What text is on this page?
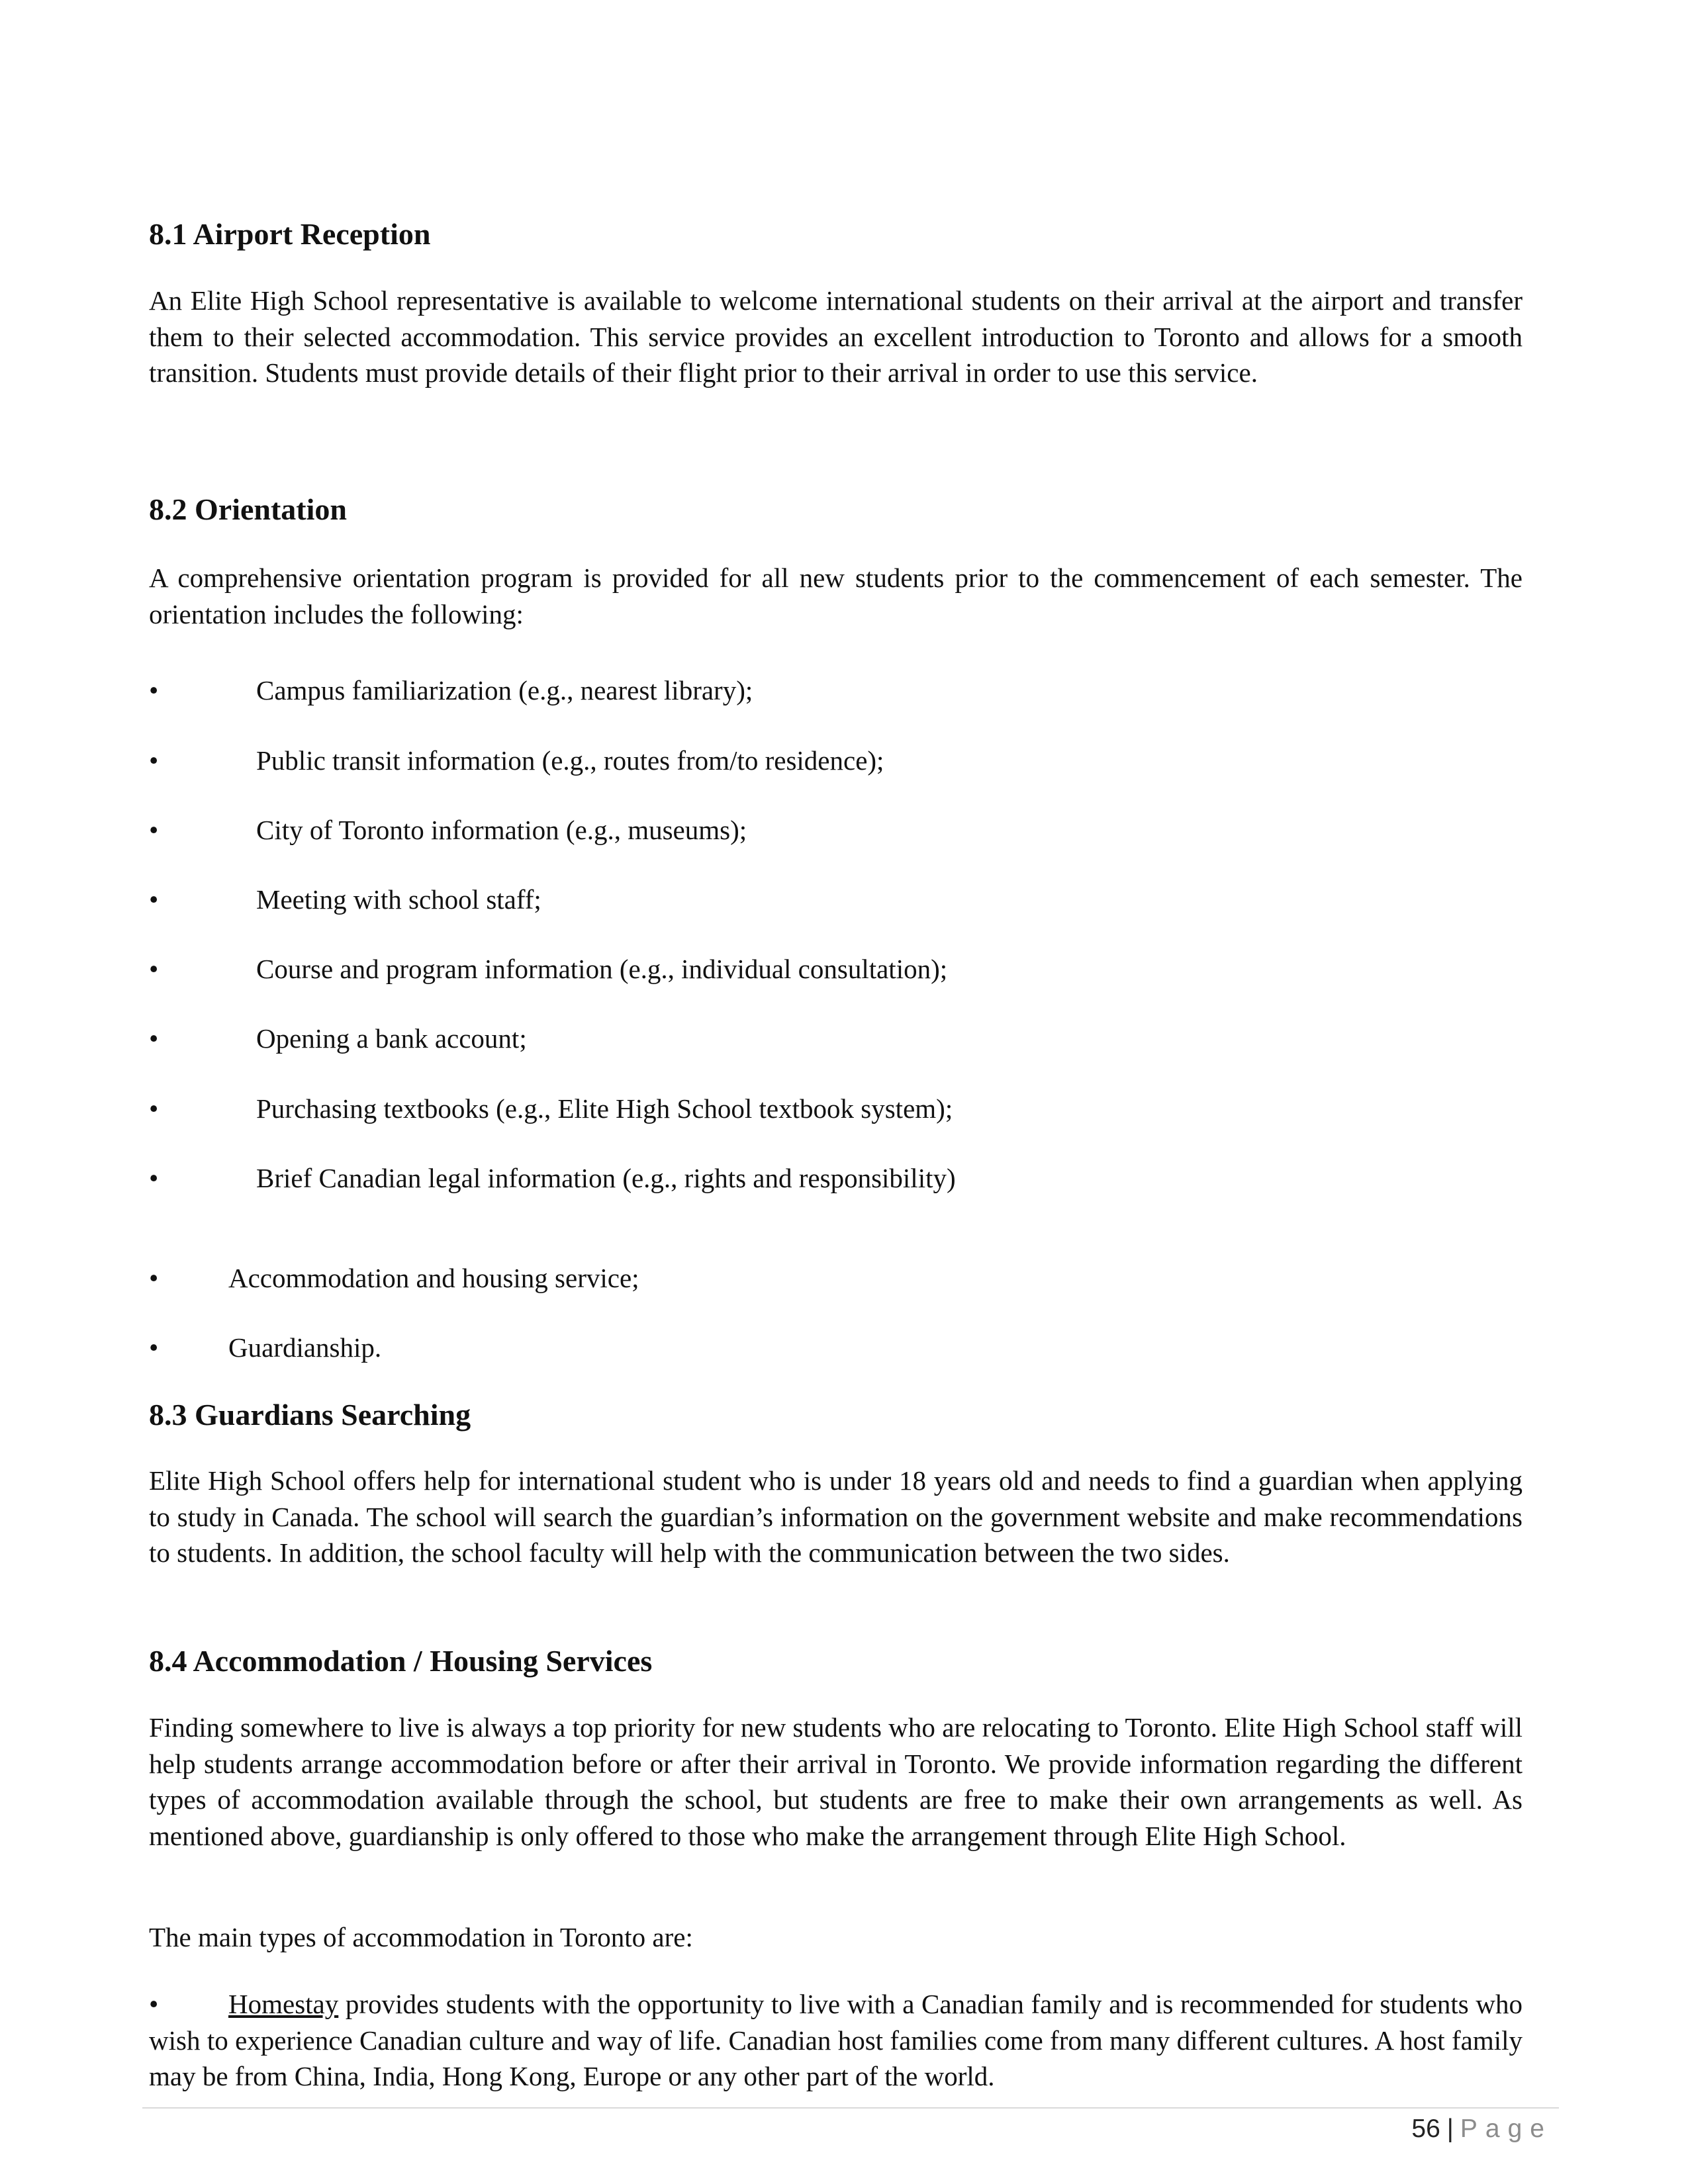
8.1 Airport Reception

An Elite High School representative is available to welcome international students on their arrival at the airport and transfer them to their selected accommodation. This service provides an excellent introduction to Toronto and allows for a smooth transition. Students must provide details of their flight prior to their arrival in order to use this service.

8.2 Orientation

A comprehensive orientation program is provided for all new students prior to the commencement of each semester. The orientation includes the following:

•	Campus familiarization (e.g., nearest library);
•	Public transit information (e.g., routes from/to residence);
•	City of Toronto information (e.g., museums);
•	Meeting with school staff;
•	Course and program information (e.g., individual consultation);
•	Opening a bank account;
•	Purchasing textbooks (e.g., Elite High School textbook system);
•	Brief Canadian legal information (e.g., rights and responsibility)
•	Accommodation and housing service;
•	Guardianship.
8.3 Guardians Searching

Elite High School offers help for international student who is under 18 years old and needs to find a guardian when applying to study in Canada. The school will search the guardian’s information on the government website and make recommendations to students. In addition, the school faculty will help with the communication between the two sides.

8.4 Accommodation / Housing Services

Finding somewhere to live is always a top priority for new students who are relocating to Toronto. Elite High School staff will help students arrange accommodation before or after their arrival in Toronto. We provide information regarding the different types of accommodation available through the school, but students are free to make their own arrangements as well. As mentioned above, guardianship is only offered to those who make the arrangement through Elite High School.

The main types of accommodation in Toronto are:

•	Homestay provides students with the opportunity to live with a Canadian family and is recommended for students who wish to experience Canadian culture and way of life. Canadian host families come from many different cultures. A host family may be from China, India, Hong Kong, Europe or any other part of the world.

56 | Page
